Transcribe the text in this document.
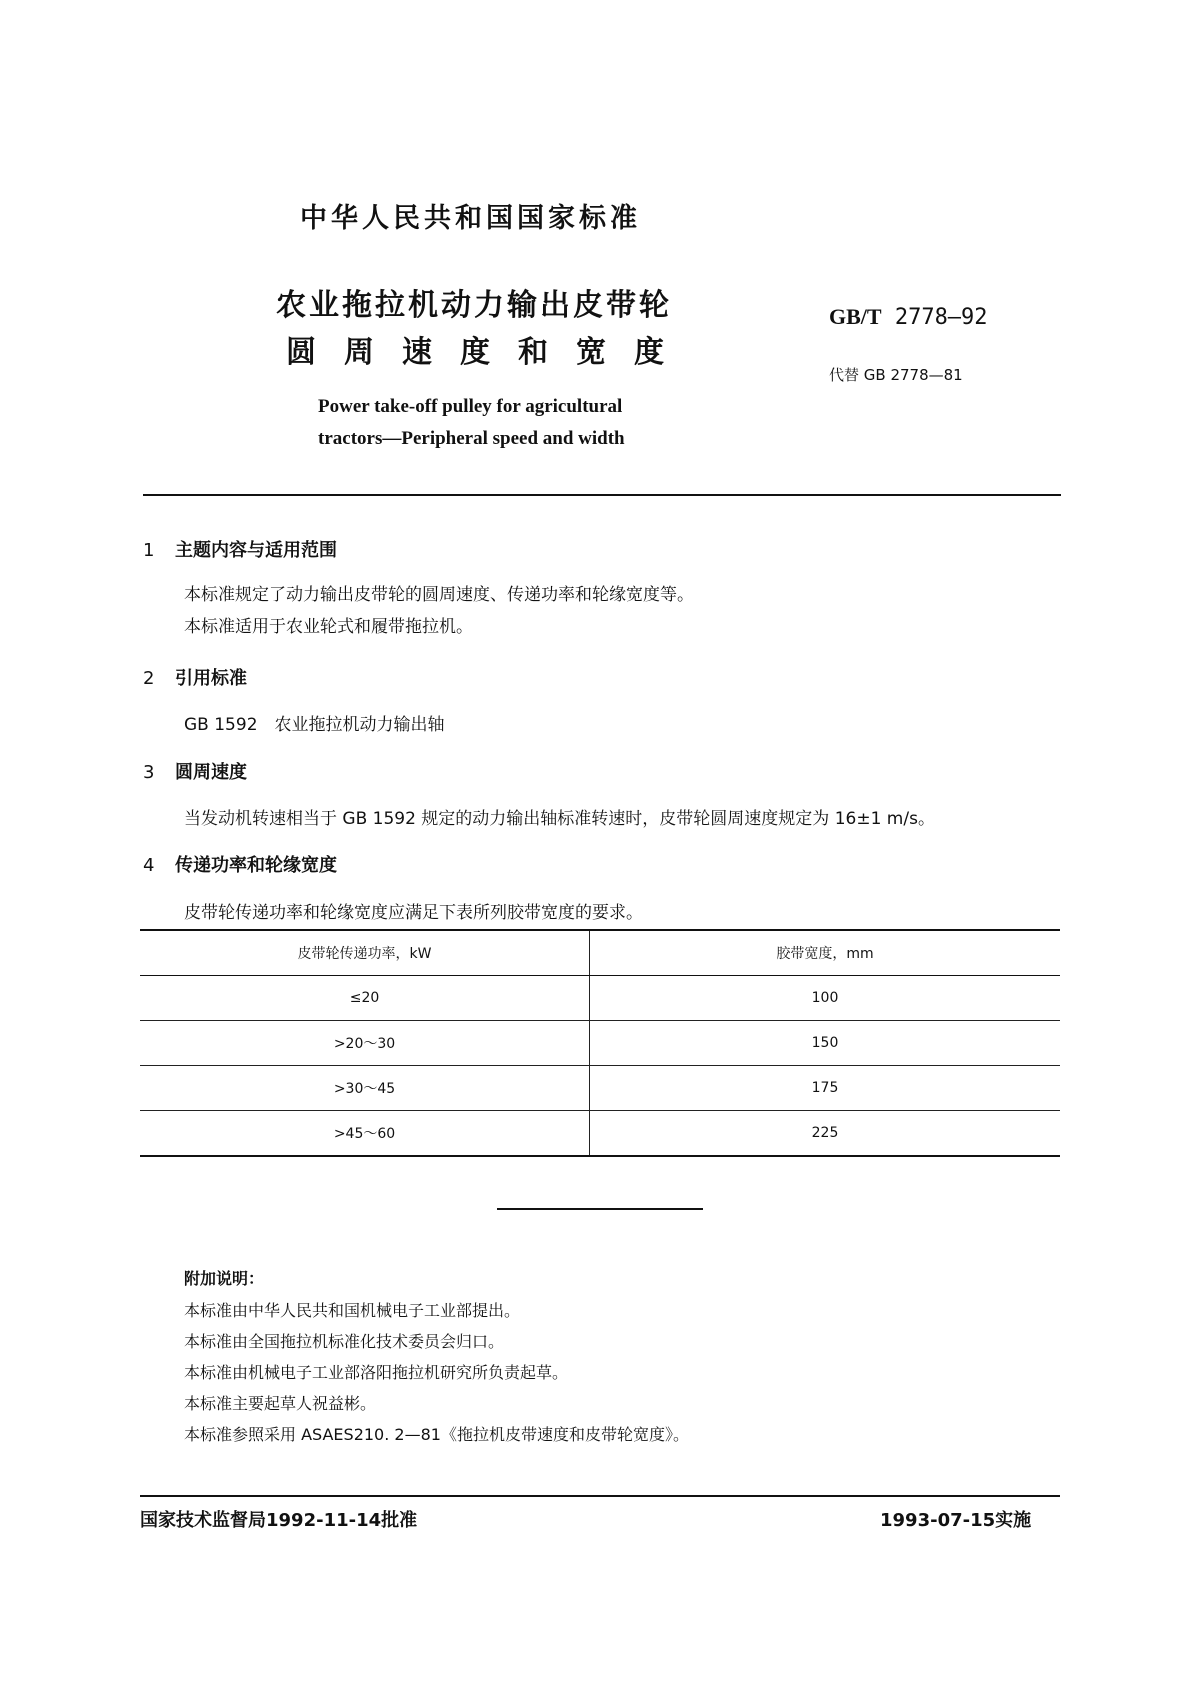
中华人民共和国国家标准
农业拖拉机动力输出皮带轮
圆周速度和宽度
Power take-off pulley for agricultural
tractors—Peripheral speed and width
GB/T 2778—92
代替 GB 2778—81
1 主题内容与适用范围
本标准规定了动力输出皮带轮的圆周速度、传递功率和轮缘宽度等。
本标准适用于农业轮式和履带拖拉机。
2 引用标准
GB 1592　农业拖拉机动力输出轴
3 圆周速度
当发动机转速相当于 GB 1592 规定的动力输出轴标准转速时，皮带轮圆周速度规定为 16±1 m/s。
4 传递功率和轮缘宽度
皮带轮传递功率和轮缘宽度应满足下表所列胶带宽度的要求。
皮带轮传递功率，kW	胶带宽度，mm
≤20	100
>20～30	150
>30～45	175
>45～60	225
附加说明：
本标准由中华人民共和国机械电子工业部提出。
本标准由全国拖拉机标准化技术委员会归口。
本标准由机械电子工业部洛阳拖拉机研究所负责起草。
本标准主要起草人祝益彬。
本标准参照采用 ASAES210. 2—81《拖拉机皮带速度和皮带轮宽度》。
国家技术监督局1992-11-14批准	1993-07-15实施
